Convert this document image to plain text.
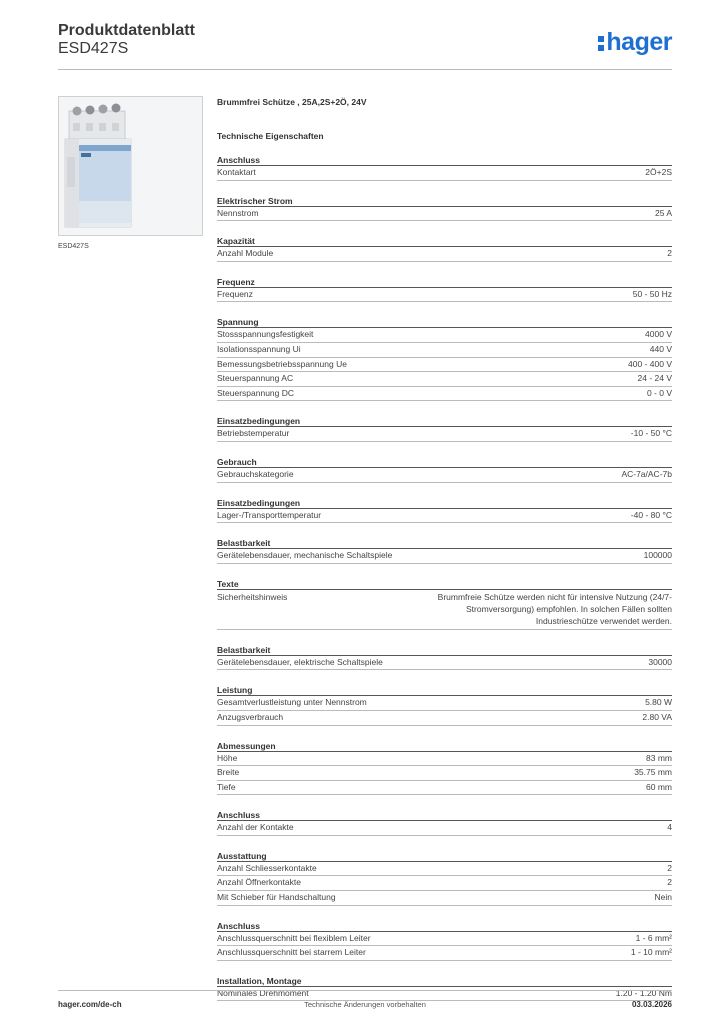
Produktdatenblatt
ESD427S	hager
ESD427S
Brummfrei Schütze , 25A,2S+2Ö, 24V
Technische Eigenschaften
Anschluss
Kontaktart	2Ö+2S
Elektrischer Strom
Nennstrom	25 A
Kapazität
Anzahl Module	2
Frequenz
Frequenz	50 - 50 Hz
Spannung
Stossspannungsfestigkeit	4000 V
Isolationsspannung Ui	440 V
Bemessungsbetriebsspannung Ue	400 - 400 V
Steuerspannung AC	24 - 24 V
Steuerspannung DC	0 - 0 V
Einsatzbedingungen
Betriebstemperatur	-10 - 50 °C
Gebrauch
Gebrauchskategorie	AC-7a/AC-7b
Einsatzbedingungen
Lager-/Transporttemperatur	-40 - 80 °C
Belastbarkeit
Gerätelebensdauer, mechanische Schaltspiele	100000
Texte
Sicherheitshinweis	Brummfreie Schütze werden nicht für intensive Nutzung (24/7-Stromversorgung) empfohlen. In solchen Fällen sollten Industrieschütze verwendet werden.
Belastbarkeit
Gerätelebensdauer, elektrische Schaltspiele	30000
Leistung
Gesamtverlustleistung unter Nennstrom	5.80 W
Anzugsverbrauch	2.80 VA
Abmessungen
Höhe	83 mm
Breite	35.75 mm
Tiefe	60 mm
Anschluss
Anzahl der Kontakte	4
Ausstattung
Anzahl Schliesserkontakte	2
Anzahl Öffnerkontakte	2
Mit Schieber für Handschaltung	Nein
Anschluss
Anschlussquerschnitt bei flexiblem Leiter	1 - 6 mm²
Anschlussquerschnitt bei starrem Leiter	1 - 10 mm²
Installation, Montage
Nominales Drehmoment	1.20 - 1.20 Nm
hager.com/de-ch	Technische Änderungen vorbehalten	03.03.2026
